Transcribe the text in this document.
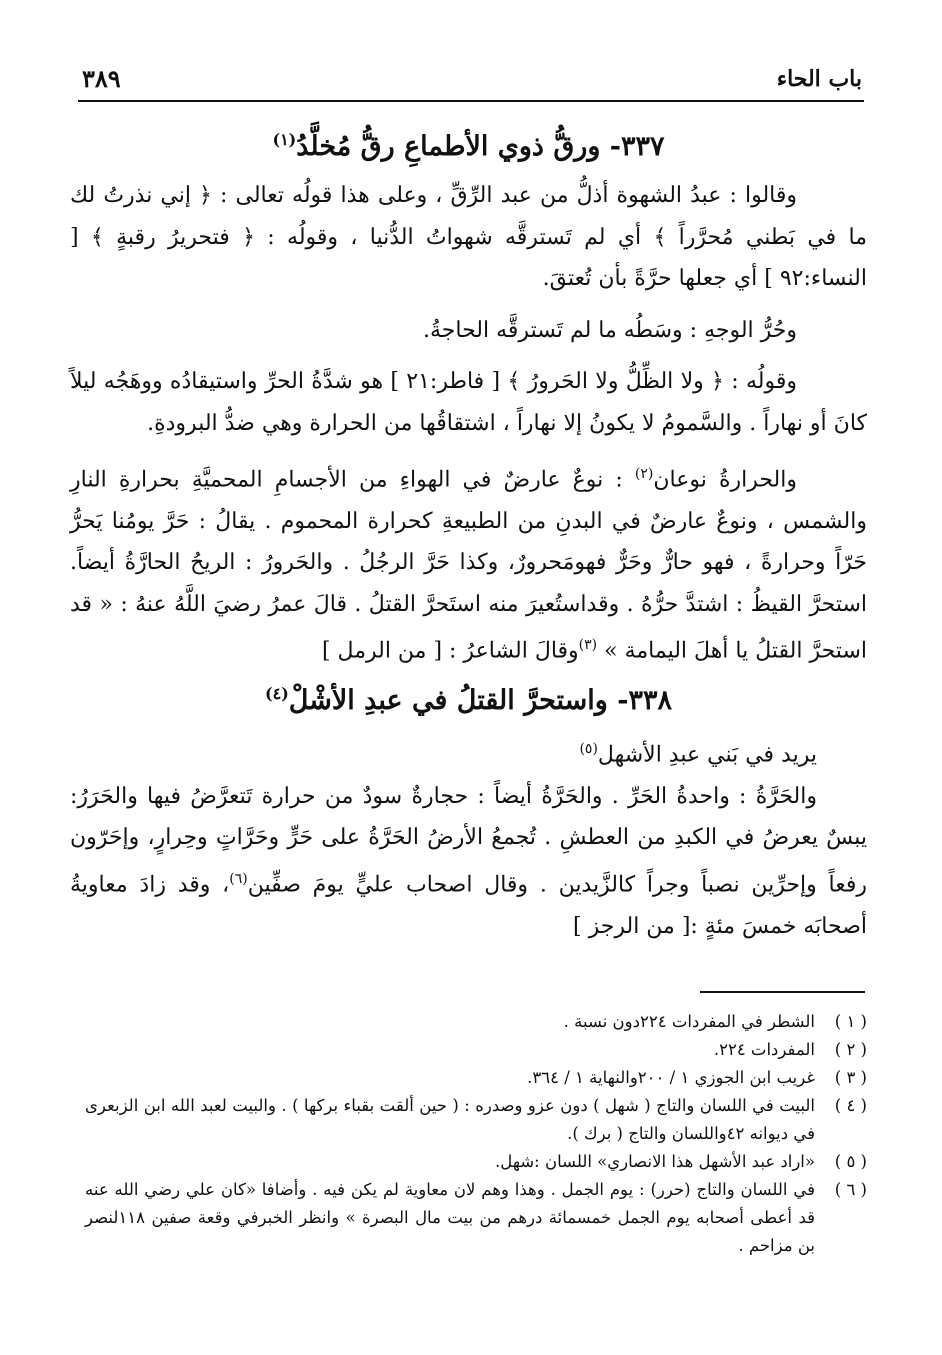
باب الحاء
٣٨٩
٣٣٧- ورقُّ ذوي الأطماعِ رقُّ مُخلَّدُ$^{(١)}$

وقالوا : عبدُ الشهوة أذلُّ من عبد الرِّقِّ ، وعلى هذا قولُه تعالى : ﴿ إني نذرتُ لك ما في بَطني مُحرَّراً ﴾ أي لم تَسترقَّه شهواتُ الدُّنيا ، وقولُه : ﴿ فتحريرُ رقبةٍ ﴾ [ النساء:٩٢ ] أي جعلها حرَّةً بأن تُعتقَ.

وحُرُّ الوجهِ : وسَطُه ما لم تَسترقَّه الحاجةُ.

وقولُه : ﴿ ولا الظِّلُّ ولا الحَرورُ ﴾ [ فاطر:٢١ ] هو شدَّةُ الحرِّ واستيقادُه ووهَجُه ليلاً كانَ أو نهاراً . والسَّمومُ لا يكونُ إلا نهاراً ، اشتقاقُها من الحرارة وهي ضدُّ البرودةِ.

والحرارةُ نوعان$^{(٢)}$ : نوعٌ عارضٌ في الهواءِ من الأجسامِ المحميَّةِ بحرارةِ النارِ والشمس ، ونوعٌ عارضٌ في البدنِ من الطبيعةِ كحرارة المحموم . يقالُ : حَرَّ يومُنا يَحرُّ حَرّاً وحرارةً ، فهو حارٌّ وحَرٌّ فهومَحرورٌ، وكذا حَرَّ الرجُلُ . والحَرورُ : الريحُ الحارَّةُ أيضاً. استحرَّ القيظُ : اشتدَّ حرُّهُ . وقداستُعيرَ منه استَحرَّ القتلُ . قالَ عمرُ رضيَ اللَّهُ عنهُ : « قد استحرَّ القتلُ يا أهلَ اليمامة » $^{(٣)}$وقالَ الشاعرُ : [ من الرمل ]

٣٣٨- واستحرَّ القتلُ في عبدِ الأشْلْ$^{(٤)}$

يريد في بَني عبدِ الأشهل$^{(٥)}$

والحَرَّةُ : واحدةُ الحَرِّ . والحَرَّةُ أيضاً : حجارةٌ سودٌ من حرارة تَتعرَّضُ فيها والحَرَرُ: يبسٌ يعرضُ في الكبدِ من العطشِ . تُجمعُ الأرضُ الحَرَّةُ على حَرٍّ وحَرَّاتٍ وحِرارٍ، وإحَرّون رفعاً وإحرِّين نصباً وجراً كالزَّيدين . وقال اصحاب عليٍّ يومَ صفِّين$^{(٦)}$، وقد زادَ معاويةُ أصحابَه خمسَ مئةٍ :[ من الرجز ]

( ١ )
الشطر في المفردات ٢٢٤دون نسبة .
( ٢ )
المفردات ٢٢٤.
( ٣ )
غريب ابن الجوزي ١ / ٢٠٠والنهاية ١ / ٣٦٤.
( ٤ )
البيت في اللسان والتاج ( شهل ) دون عزو وصدره : ( حين ألقت بقباء بركها ) . والبيت لعبد الله ابن الزبعرى في ديوانه ٤٢واللسان والتاج ( برك ).
( ٥ )
«اراد عبد الأشهل هذا الانصاري» اللسان :شهل.
( ٦ )
في اللسان والتاج (حرر) : يوم الجمل . وهذا وهم لان معاوية لم يكن فيه . وأضافا «كان علي رضي الله عنه قد أعطى أصحابه يوم الجمل خمسمائة درهم من بيت مال البصرة » وانظر الخبرفي وقعة صفين ١١٨لنصر بن مزاحم .
